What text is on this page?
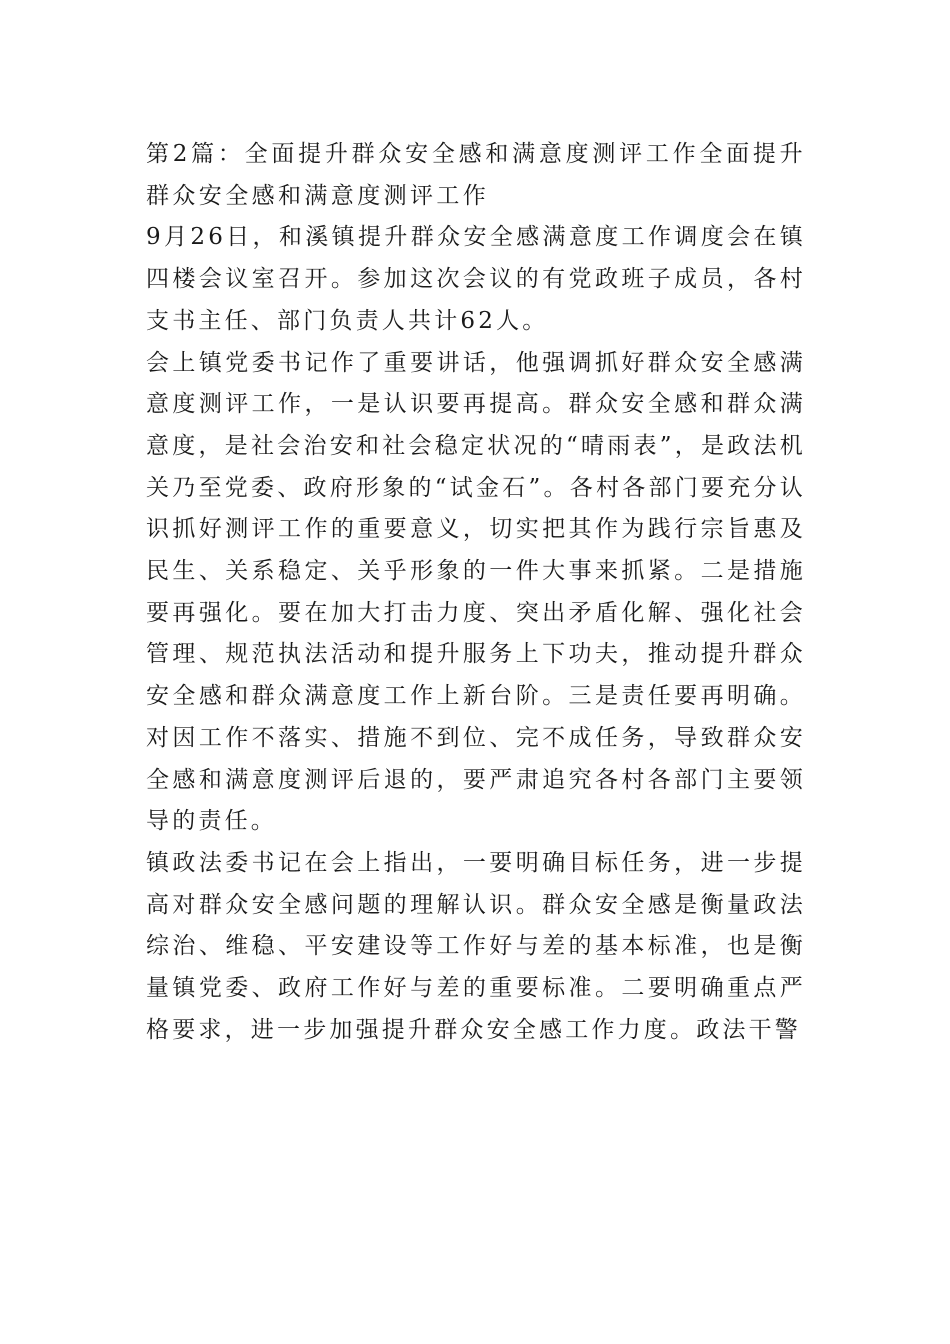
第2篇：全面提升群众安全感和满意度测评工作全面提升群众安全感和满意度测评工作

9月26日，和溪镇提升群众安全感满意度工作调度会在镇四楼会议室召开。参加这次会议的有党政班子成员，各村支书主任、部门负责人共计62人。

会上镇党委书记作了重要讲话，他强调抓好群众安全感满意度测评工作，一是认识要再提高。群众安全感和群众满意度，是社会治安和社会稳定状况的“晴雨表”，是政法机关乃至党委、政府形象的“试金石”。各村各部门要充分认识抓好测评工作的重要意义，切实把其作为践行宗旨惠及民生、关系稳定、关乎形象的一件大事来抓紧。二是措施要再强化。要在加大打击力度、突出矛盾化解、强化社会管理、规范执法活动和提升服务上下功夫，推动提升群众安全感和群众满意度工作上新台阶。三是责任要再明确。对因工作不落实、措施不到位、完不成任务，导致群众安全感和满意度测评后退的，要严肃追究各村各部门主要领导的责任。

镇政法委书记在会上指出，一要明确目标任务，进一步提高对群众安全感问题的理解认识。群众安全感是衡量政法综治、维稳、平安建设等工作好与差的基本标准，也是衡量镇党委、政府工作好与差的重要标准。二要明确重点严格要求，进一步加强提升群众安全感工作力度。政法干警
